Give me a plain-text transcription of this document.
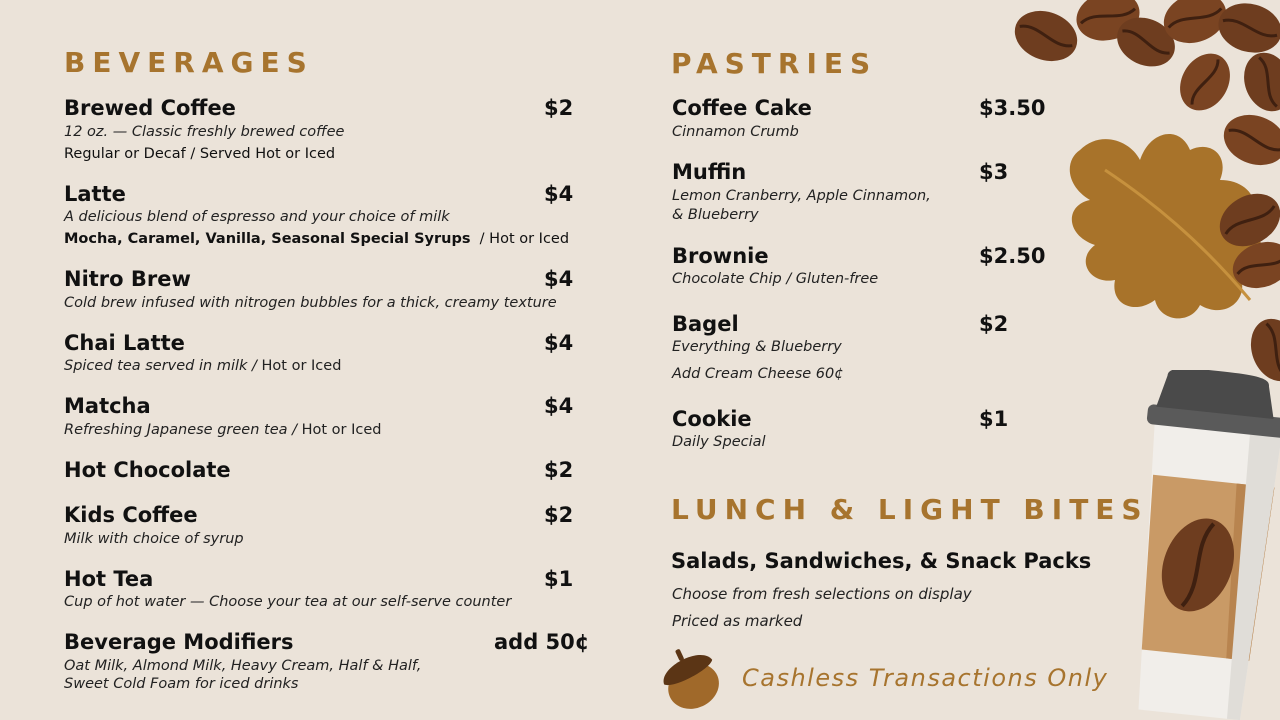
BEVERAGES
Brewed Coffee	$2
12 oz. — Classic freshly brewed coffee
Regular or Decaf / Served Hot or Iced
Latte	$4
A delicious blend of espresso and your choice of milk
Mocha, Caramel, Vanilla, Seasonal Special Syrups / Hot or Iced
Nitro Brew	$4
Cold brew infused with nitrogen bubbles for a thick, creamy texture
Chai Latte	$4
Spiced tea served in milk / Hot or Iced
Matcha	$4
Refreshing Japanese green tea / Hot or Iced
Hot Chocolate	$2
Kids Coffee	$2
Milk with choice of syrup
Hot Tea	$1
Cup of hot water — Choose your tea at our self-serve counter
Beverage Modifiers	add 50¢
Oat Milk, Almond Milk, Heavy Cream, Half & Half,
Sweet Cold Foam for iced drinks
PASTRIES
Coffee Cake	$3.50
Cinnamon Crumb
Muffin	$3
Lemon Cranberry, Apple Cinnamon,
& Blueberry
Brownie	$2.50
Chocolate Chip / Gluten-free
Bagel	$2
Everything & Blueberry
Add Cream Cheese 60¢
Cookie	$1
Daily Special
LUNCH & LIGHT BITES
Salads, Sandwiches, & Snack Packs
Choose from fresh selections on display
Priced as marked
Cashless Transactions Only
